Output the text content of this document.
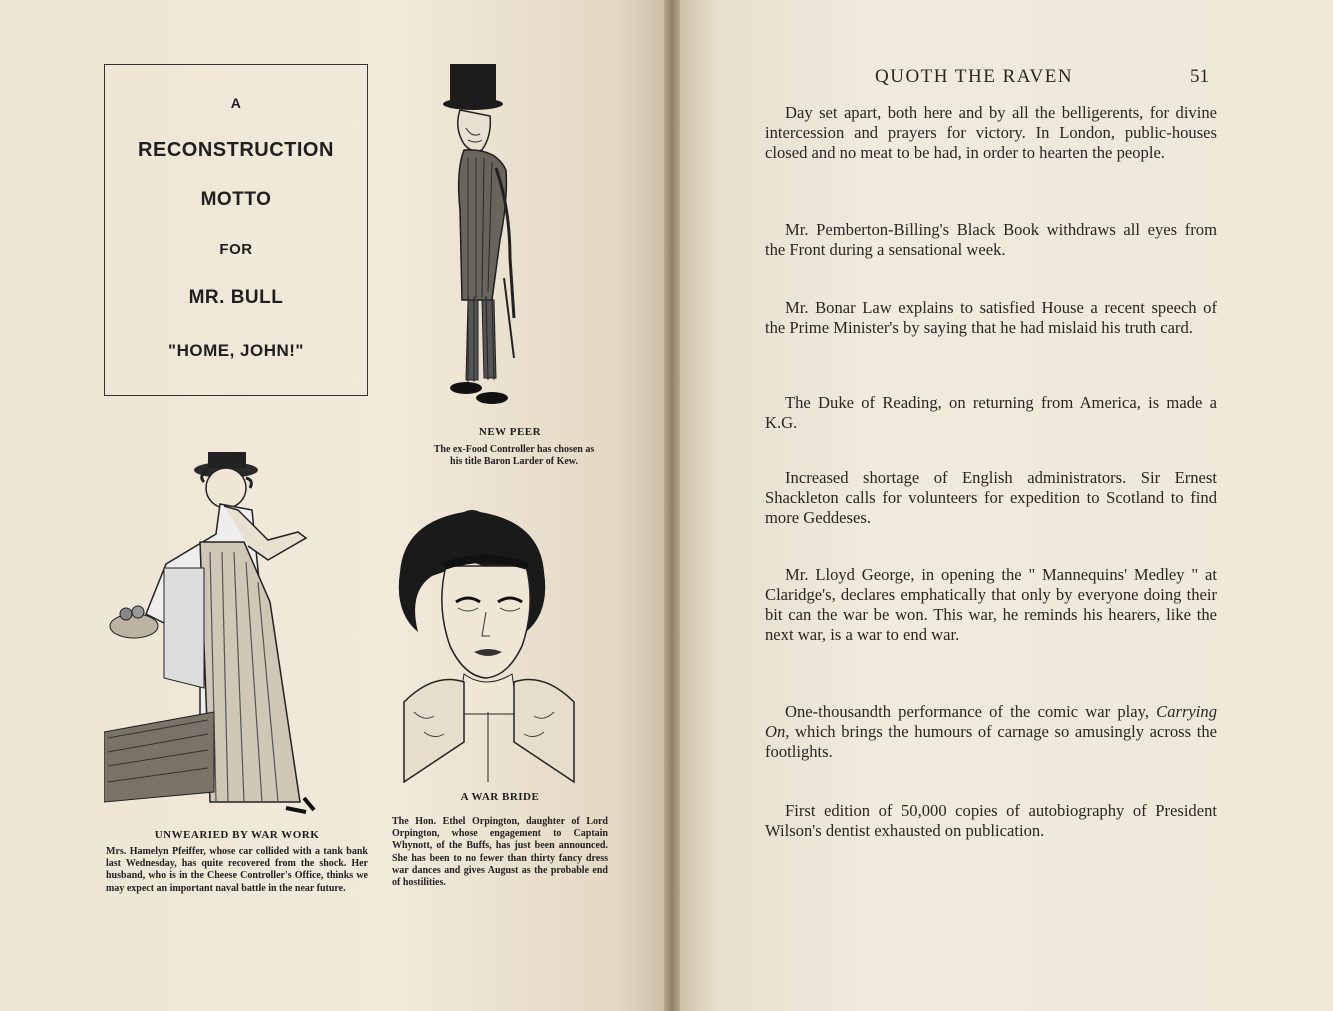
A
RECONSTRUCTION
MOTTO
FOR
MR. BULL
"HOME, JOHN!"
NEW PEER
The ex-Food Controller has chosen as his title Baron Larder of Kew.
UNWEARIED BY WAR WORK
Mrs. Hamelyn Pfeiffer, whose car collided with a tank bank last Wednesday, has quite recovered from the shock. Her husband, who is in the Cheese Controller's Office, thinks we may expect an important naval battle in the near future.
A WAR BRIDE
The Hon. Ethel Orpington, daughter of Lord Orpington, whose engagement to Captain Whynott, of the Buffs, has just been announced. She has been to no fewer than thirty fancy dress war dances and gives August as the probable end of hostilities.
QUOTH THE RAVEN	51
Day set apart, both here and by all the belligerents, for divine intercession and prayers for victory. In London, public-houses closed and no meat to be had, in order to hearten the people.
Mr. Pemberton-Billing's Black Book withdraws all eyes from the Front during a sensational week.
Mr. Bonar Law explains to satisfied House a recent speech of the Prime Minister's by saying that he had mislaid his truth card.
The Duke of Reading, on returning from America, is made a K.G.
Increased shortage of English administrators. Sir Ernest Shackleton calls for volunteers for expedition to Scotland to find more Geddeses.
Mr. Lloyd George, in opening the " Mannequins' Medley " at Claridge's, declares emphatically that only by everyone doing their bit can the war be won. This war, he reminds his hearers, like the next war, is a war to end war.
One-thousandth performance of the comic war play, Carrying On, which brings the humours of carnage so amusingly across the footlights.
First edition of 50,000 copies of autobiography of President Wilson's dentist exhausted on publication.
